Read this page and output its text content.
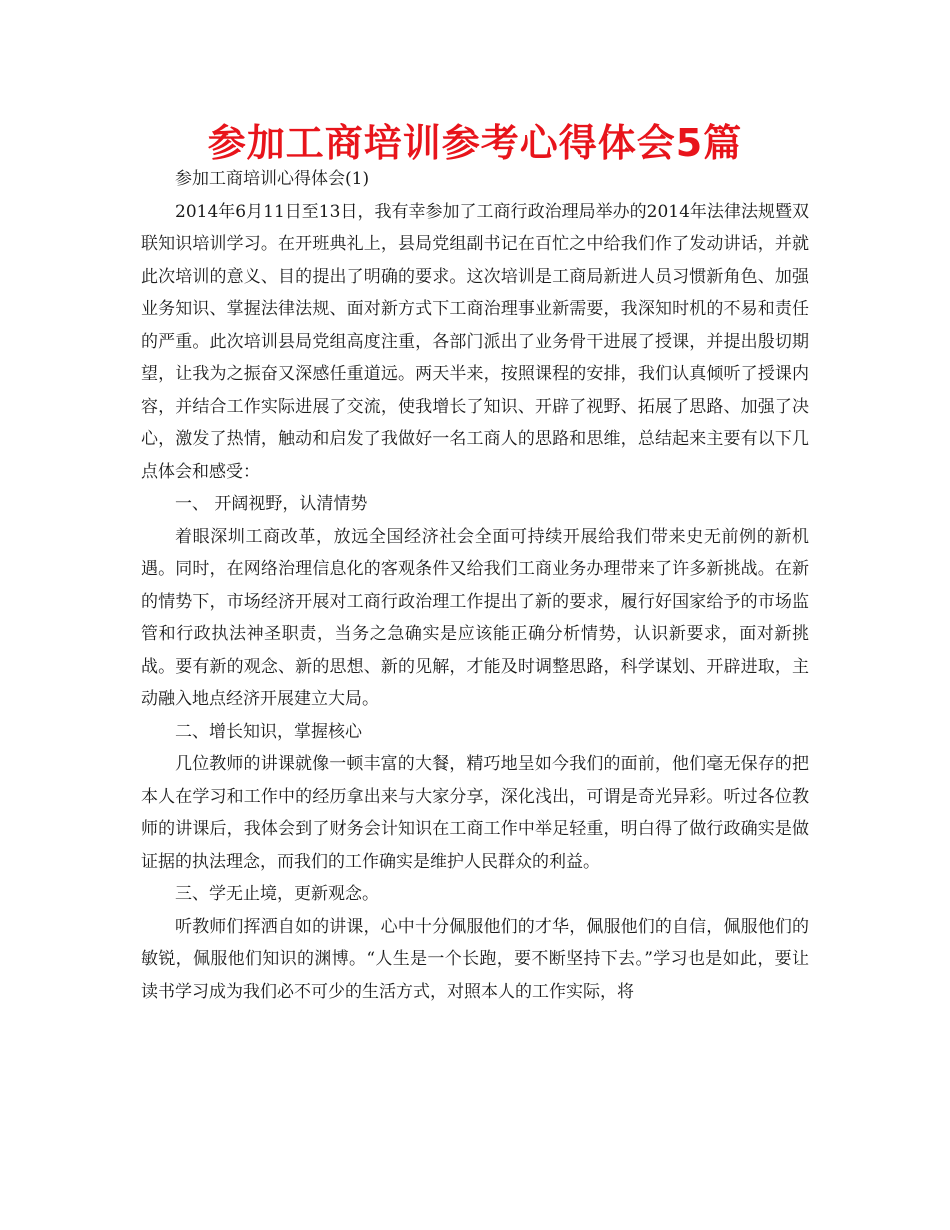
参加工商培训参考心得体会5篇

参加工商培训心得体会(1)

2014年6月11日至13日，我有幸参加了工商行政治理局举办的2014年法律法规暨双联知识培训学习。在开班典礼上，县局党组副书记在百忙之中给我们作了发动讲话，并就此次培训的意义、目的提出了明确的要求。这次培训是工商局新进人员习惯新角色、加强业务知识、掌握法律法规、面对新方式下工商治理事业新需要，我深知时机的不易和责任的严重。此次培训县局党组高度注重，各部门派出了业务骨干进展了授课，并提出殷切期望，让我为之振奋又深感任重道远。两天半来，按照课程的安排，我们认真倾听了授课内容，并结合工作实际进展了交流，使我增长了知识、开辟了视野、拓展了思路、加强了决心，激发了热情，触动和启发了我做好一名工商人的思路和思维，总结起来主要有以下几点体会和感受：

一、 开阔视野，认清情势

着眼深圳工商改革，放远全国经济社会全面可持续开展给我们带来史无前例的新机遇。同时，在网络治理信息化的客观条件又给我们工商业务办理带来了许多新挑战。在新的情势下，市场经济开展对工商行政治理工作提出了新的要求，履行好国家给予的市场监管和行政执法神圣职责，当务之急确实是应该能正确分析情势，认识新要求，面对新挑战。要有新的观念、新的思想、新的见解，才能及时调整思路，科学谋划、开辟进取，主动融入地点经济开展建立大局。

二、增长知识，掌握核心

几位教师的讲课就像一顿丰富的大餐，精巧地呈如今我们的面前，他们毫无保存的把本人在学习和工作中的经历拿出来与大家分享，深化浅出，可谓是奇光异彩。听过各位教师的讲课后，我体会到了财务会计知识在工商工作中举足轻重，明白得了做行政确实是做证据的执法理念，而我们的工作确实是维护人民群众的利益。

三、学无止境，更新观念。

听教师们挥洒自如的讲课，心中十分佩服他们的才华，佩服他们的自信，佩服他们的敏锐，佩服他们知识的渊博。“人生是一个长跑，要不断坚持下去。”学习也是如此，要让读书学习成为我们必不可少的生活方式，对照本人的工作实际，将
